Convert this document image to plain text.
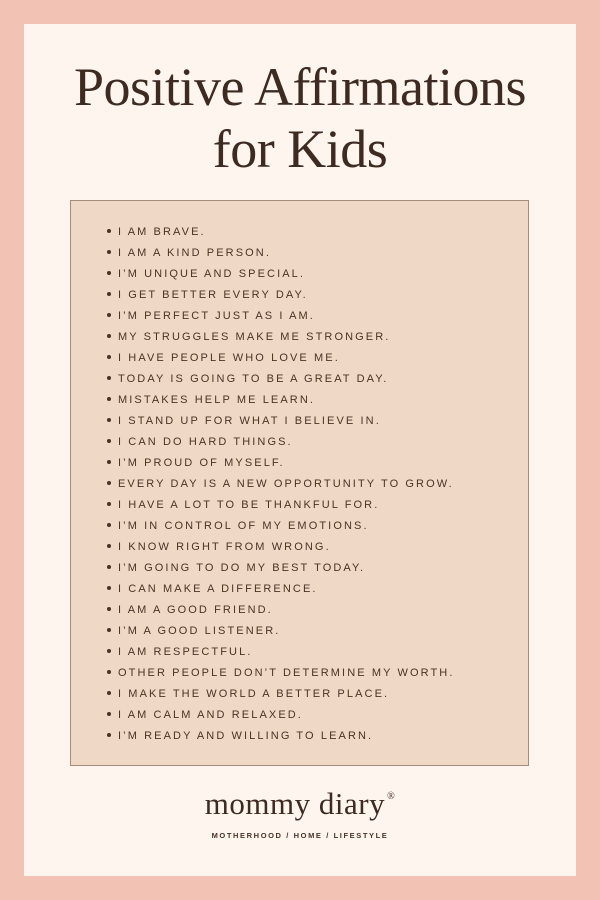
Positive Affirmations
for Kids
I AM BRAVE.
I AM A KIND PERSON.
I’M UNIQUE AND SPECIAL.
I GET BETTER EVERY DAY.
I’M PERFECT JUST AS I AM.
MY STRUGGLES MAKE ME STRONGER.
I HAVE PEOPLE WHO LOVE ME.
TODAY IS GOING TO BE A GREAT DAY.
MISTAKES HELP ME LEARN.
I STAND UP FOR WHAT I BELIEVE IN.
I CAN DO HARD THINGS.
I’M PROUD OF MYSELF.
EVERY DAY IS A NEW OPPORTUNITY TO GROW.
I HAVE A LOT TO BE THANKFUL FOR.
I’M IN CONTROL OF MY EMOTIONS.
I KNOW RIGHT FROM WRONG.
I’M GOING TO DO MY BEST TODAY.
I CAN MAKE A DIFFERENCE.
I AM A GOOD FRIEND.
I’M A GOOD LISTENER.
I AM RESPECTFUL.
OTHER PEOPLE DON’T DETERMINE MY WORTH.
I MAKE THE WORLD A BETTER PLACE.
I AM CALM AND RELAXED.
I’M READY AND WILLING TO LEARN.
mommy diary ®
MOTHERHOOD / HOME / LIFESTYLE
